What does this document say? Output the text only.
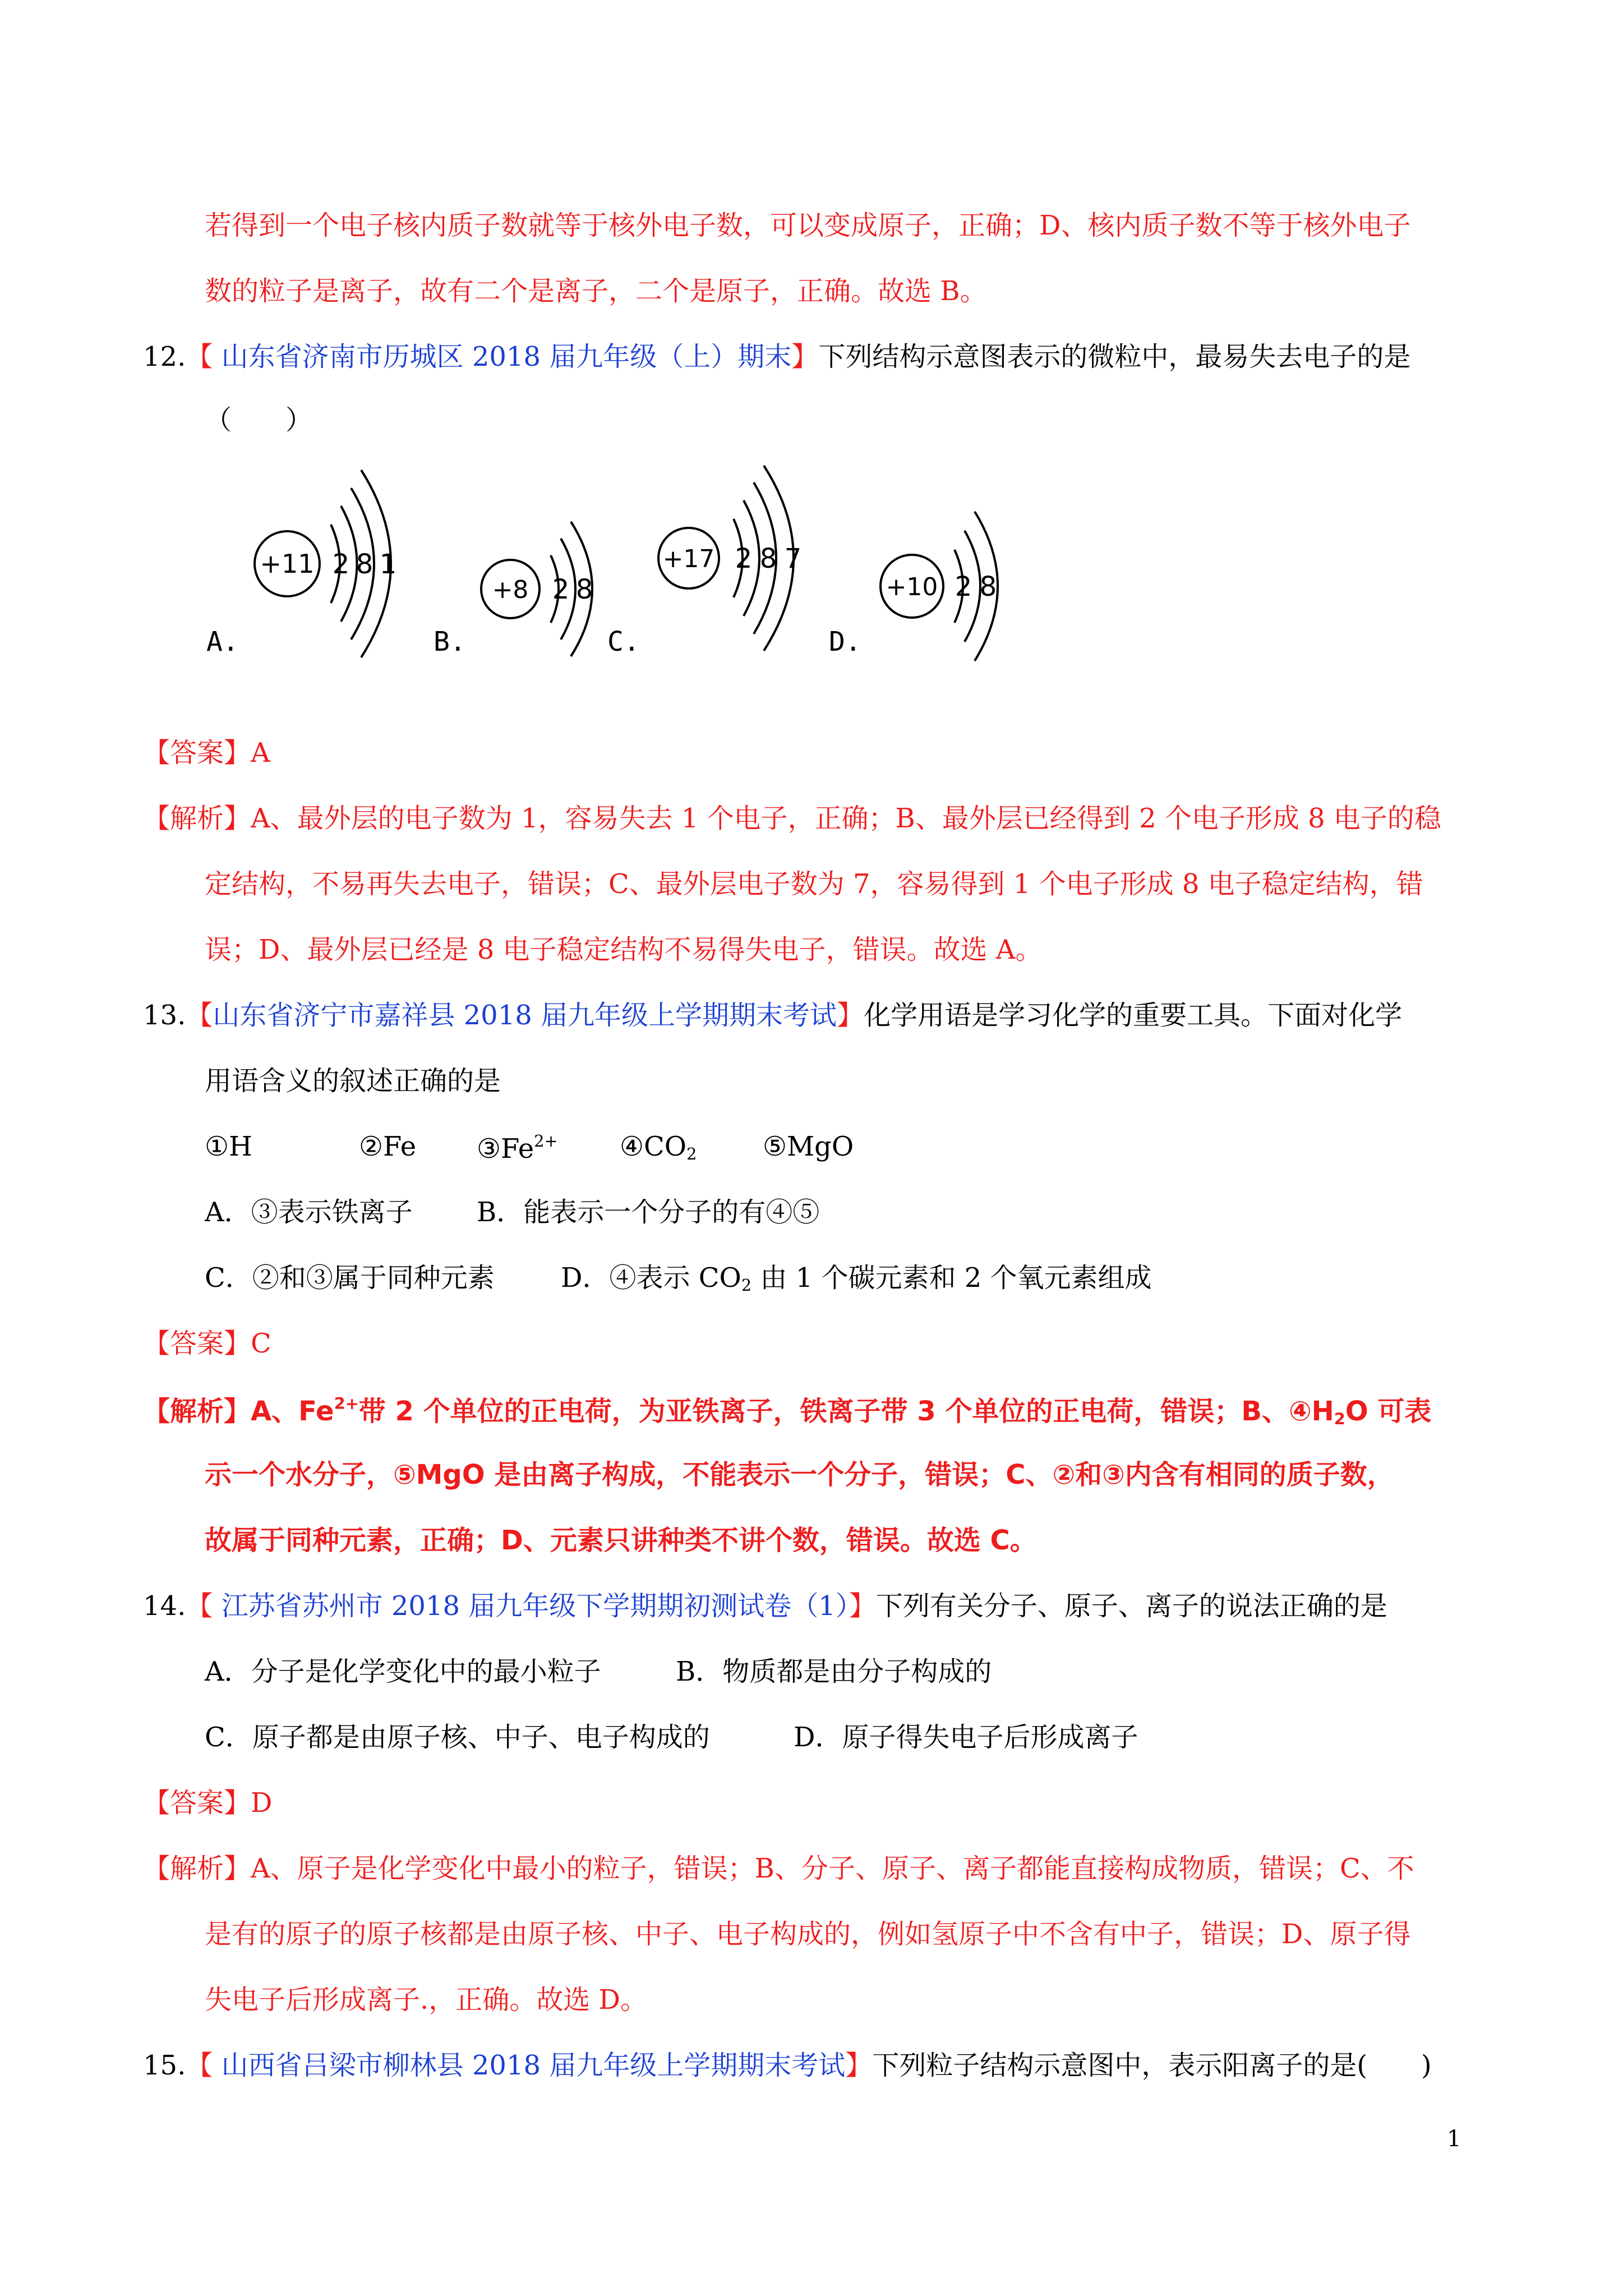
若得到一个电子核内质子数就等于核外电子数，可以变成原子，正确；D、核内质子数不等于核外电子
数的粒子是离子，故有二个是离子，二个是原子，正确。故选 B。
12.【 山东省济南市历城区 2018 届九年级（上）期末】下列结构示意图表示的微粒中，最易失去电子的是
（　　）
A.
+11 2 8 1
B.
+8 2 8
C.
+17 2 8 7
D.
+10 2 8
【答案】A
【解析】A、最外层的电子数为 1，容易失去 1 个电子，正确；B、最外层已经得到 2 个电子形成 8 电子的稳
定结构，不易再失去电子，错误；C、最外层电子数为 7，容易得到 1 个电子形成 8 电子稳定结构，错
误；D、最外层已经是 8 电子稳定结构不易得失电子，错误。故选 A。
13.【山东省济宁市嘉祥县 2018 届九年级上学期期末考试】化学用语是学习化学的重要工具。下面对化学
用语含义的叙述正确的是
①H	②Fe $③Fe^{2+}$ $④CO_2$ ⑤MgO
A．③表示铁离子 B．能表示一个分子的有④⑤
C．②和③属于同种元素 D．④表示 $CO_2$ 由 1 个碳元素和 2 个氧元素组成
【答案】C
【解析】A、$Fe^{2+}$带 2 个单位的正电荷，为亚铁离子，铁离子带 3 个单位的正电荷，错误；B、$④H_2O$ 可表
示一个水分子，⑤MgO 是由离子构成，不能表示一个分子，错误；C、②和③内含有相同的质子数，
故属于同种元素，正确；D、元素只讲种类不讲个数，错误。故选 C。
14.【 江苏省苏州市 2018 届九年级下学期期初测试卷（1）】下列有关分子、原子、离子的说法正确的是
A．分子是化学变化中的最小粒子	B．物质都是由分子构成的
C．原子都是由原子核、中子、电子构成的	D．原子得失电子后形成离子
【答案】D
【解析】A、原子是化学变化中最小的粒子，错误；B、分子、原子、离子都能直接构成物质，错误；C、不
是有的原子的原子核都是由原子核、中子、电子构成的，例如氢原子中不含有中子，错误；D、原子得
失电子后形成离子.，正确。故选 D。
15.【 山西省吕梁市柳林县 2018 届九年级上学期期末考试】下列粒子结构示意图中，表示阳离子的是(　　)
1
